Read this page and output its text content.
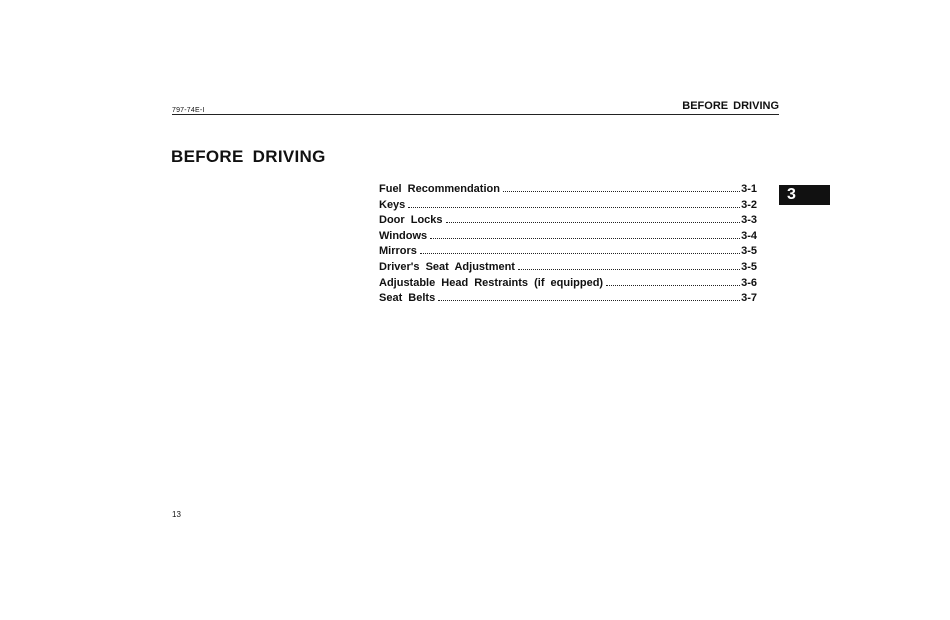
797-74E-I	BEFORE DRIVING
BEFORE DRIVING
3
Fuel Recommendation	3-1
Keys	3-2
Door Locks	3-3
Windows	3-4
Mirrors	3-5
Driver's Seat Adjustment	3-5
Adjustable Head Restraints (if equipped)	3-6
Seat Belts	3-7
13
